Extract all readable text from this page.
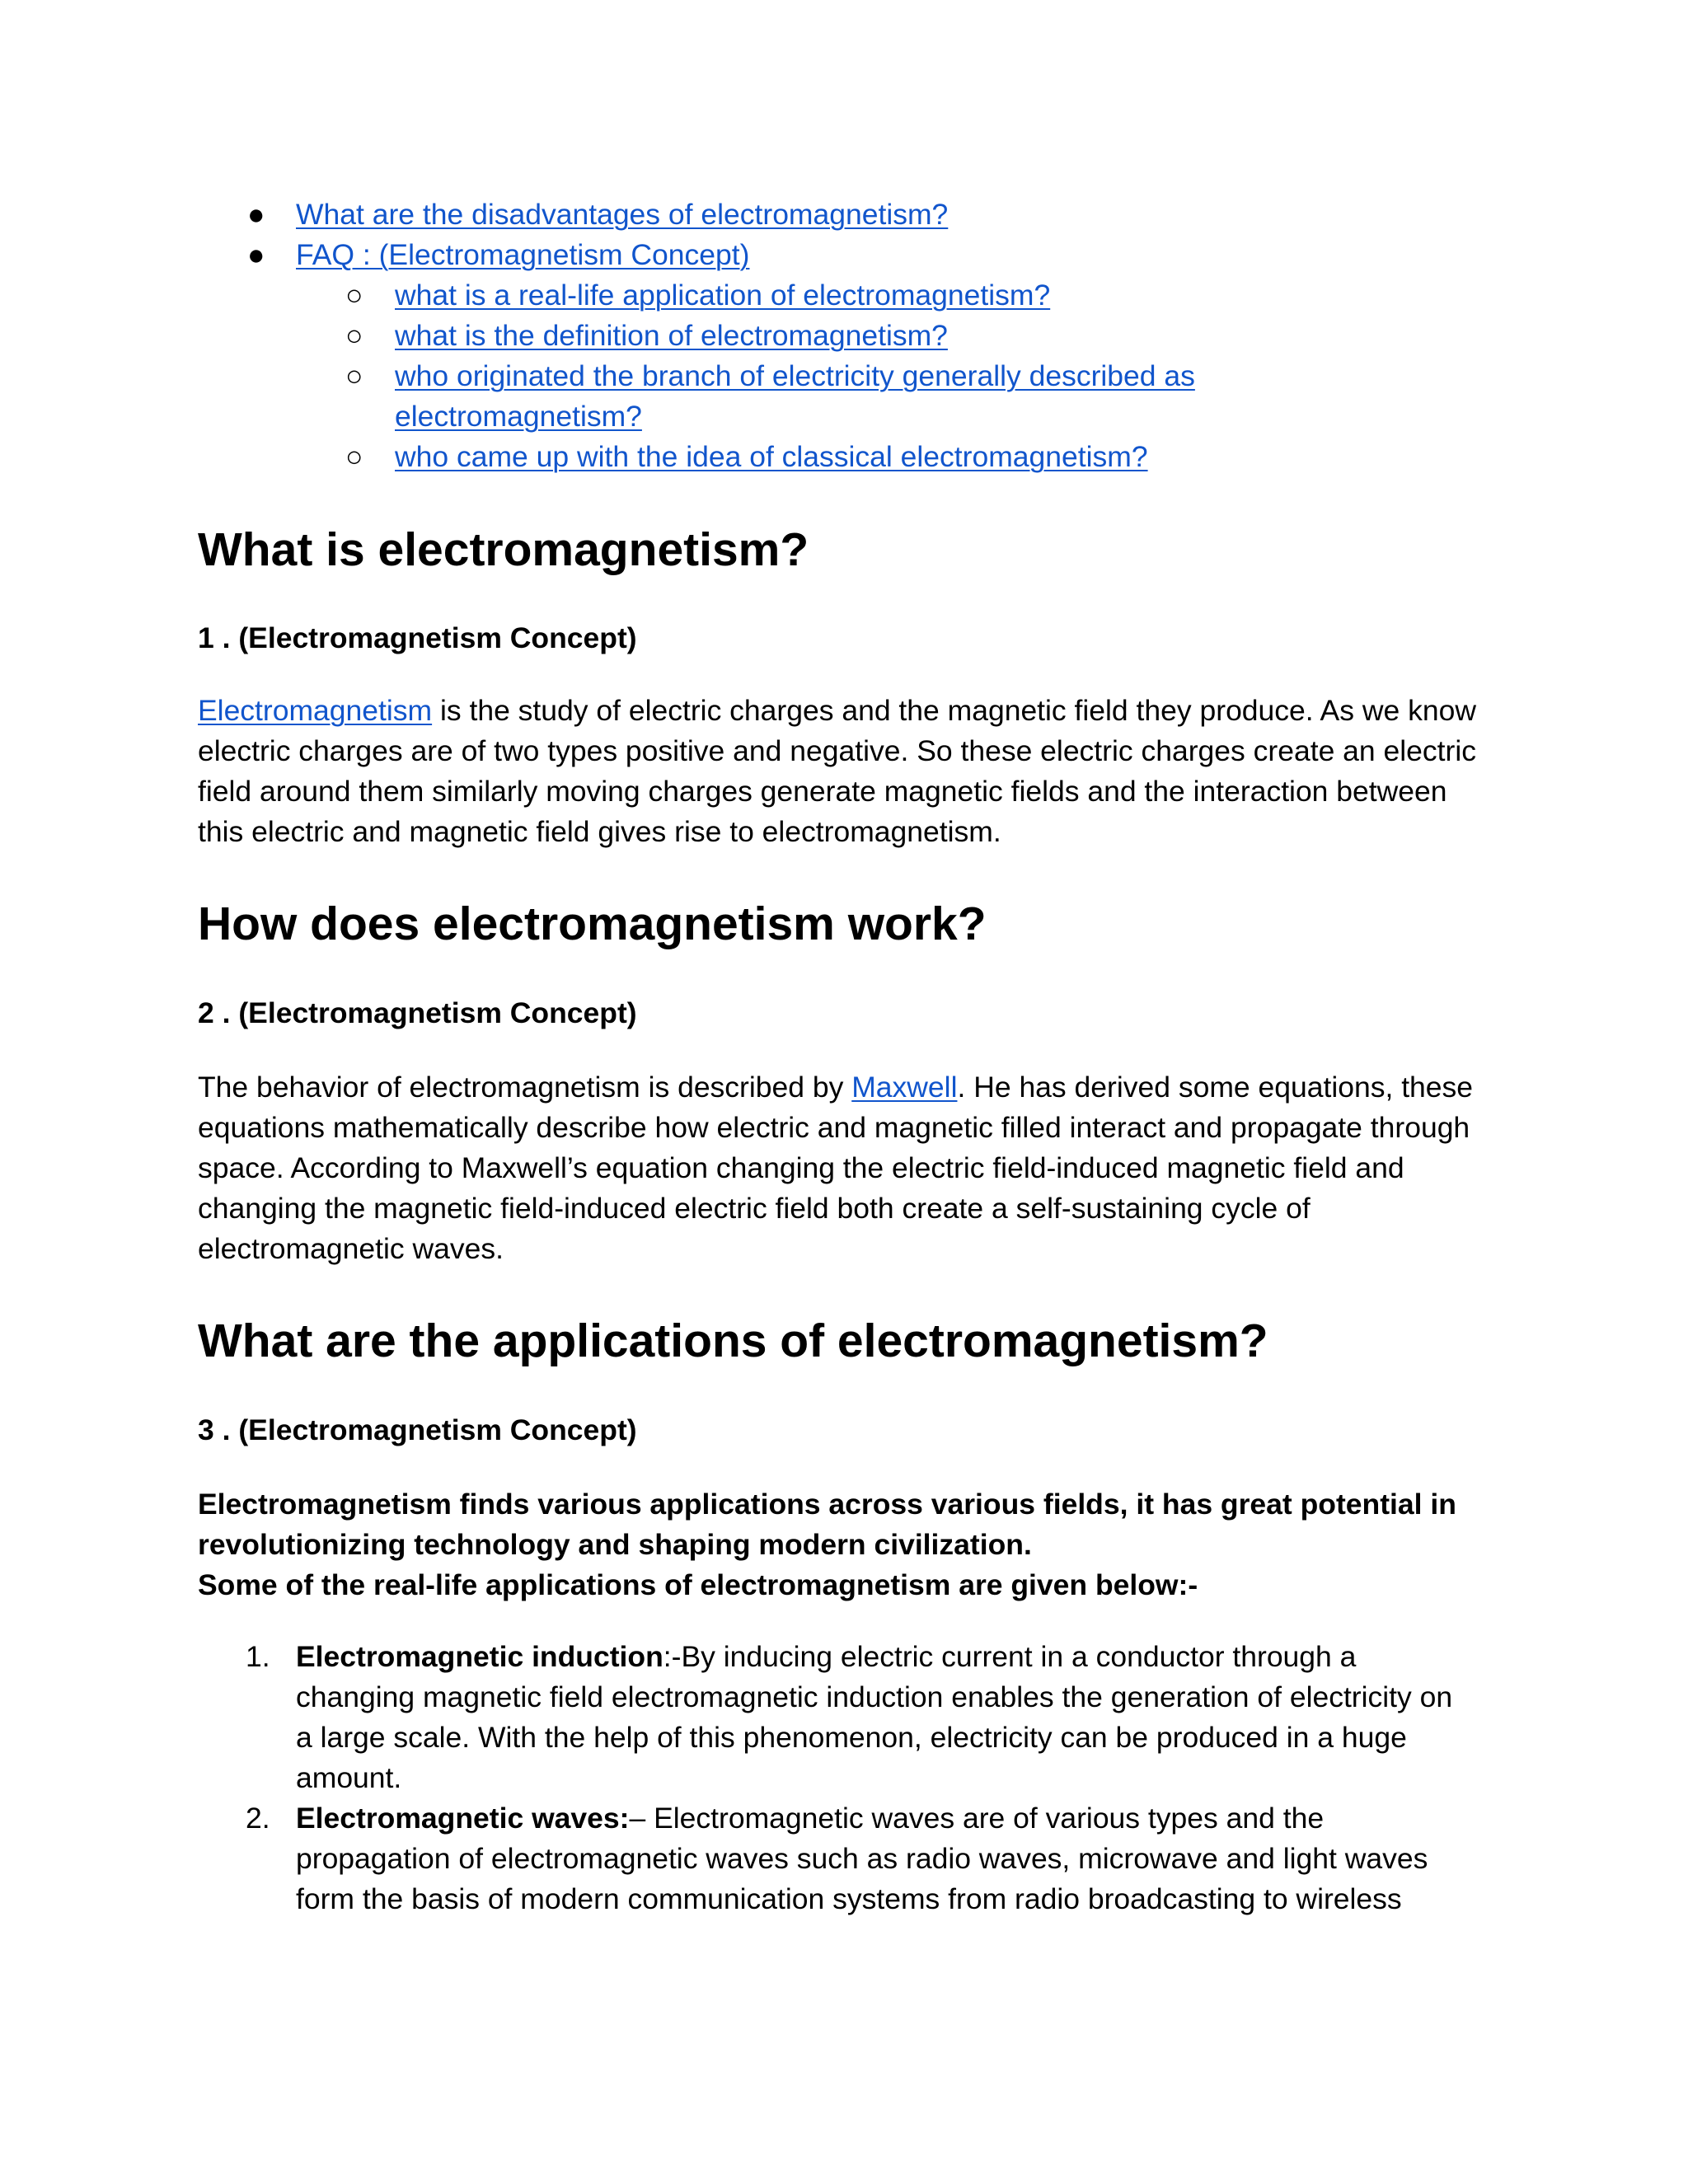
● What are the disadvantages of electromagnetism?
● FAQ : (Electromagnetism Concept)
○ what is a real-life application of electromagnetism?
○ what is the definition of electromagnetism?
○ who originated the branch of electricity generally described as electromagnetism?
○ who came up with the idea of classical electromagnetism?
What is electromagnetism?
1 . (Electromagnetism Concept)

Electromagnetism is the study of electric charges and the magnetic field they produce. As we know electric charges are of two types positive and negative. So these electric charges create an electric field around them similarly moving charges generate magnetic fields and the interaction between this electric and magnetic field gives rise to electromagnetism.

How does electromagnetism work?
2 . (Electromagnetism Concept)

The behavior of electromagnetism is described by Maxwell. He has derived some equations, these equations mathematically describe how electric and magnetic filled interact and propagate through space. According to Maxwell’s equation changing the electric field-induced magnetic field and changing the magnetic field-induced electric field both create a self-sustaining cycle of electromagnetic waves.

What are the applications of electromagnetism?
3 . (Electromagnetism Concept)

Electromagnetism finds various applications across various fields, it has great potential in revolutionizing technology and shaping modern civilization.
Some of the real-life applications of electromagnetism are given below:-

1. Electromagnetic induction:-By inducing electric current in a conductor through a changing magnetic field electromagnetic induction enables the generation of electricity on a large scale. With the help of this phenomenon, electricity can be produced in a huge amount.
2. Electromagnetic waves:– Electromagnetic waves are of various types and the propagation of electromagnetic waves such as radio waves, microwave and light waves form the basis of modern communication systems from radio broadcasting to wireless
